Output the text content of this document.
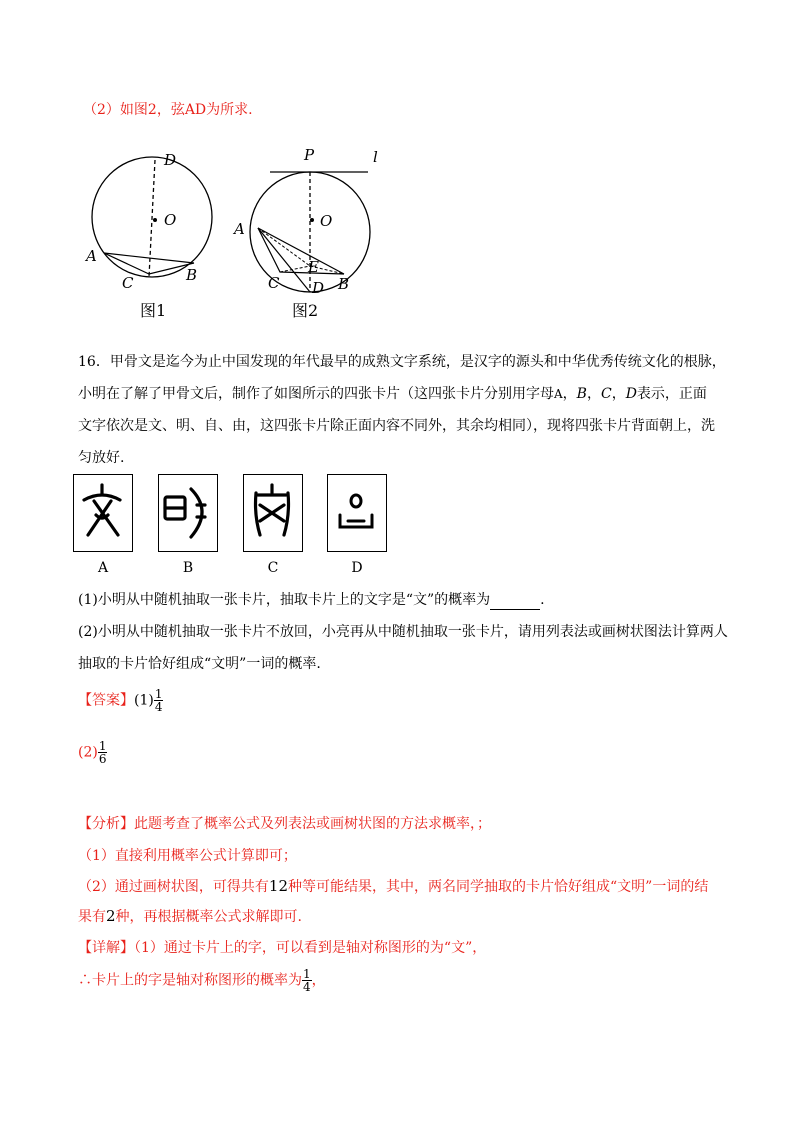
（2）如图2，弦AD为所求.
D
O
A
C	B
图1
P	l
O
A
C
E
D B
图2
16．甲骨文是迄今为止中国发现的年代最早的成熟文字系统，是汉字的源头和中华优秀传统文化的根脉，
小明在了解了甲骨文后，制作了如图所示的四张卡片（这四张卡片分别用字母A，B，C，D表示，正面
文字依次是文、明、自、由，这四张卡片除正面内容不同外，其余均相同），现将四张卡片背面朝上，洗
匀放好.
A	B	C	D
(1)小明从中随机抽取一张卡片，抽取卡片上的文字是“文”的概率为	.
(2)小明从中随机抽取一张卡片不放回，小亮再从中随机抽取一张卡片，请用列表法或画树状图法计算两人
抽取的卡片恰好组成“文明”一词的概率.
【答案】$(1) \frac{1}{4}$
$(2) \frac{1}{6}$
【分析】此题考查了概率公式及列表法或画树状图的方法求概率，；
（1）直接利用概率公式计算即可；
（2）通过画树状图，可得共有12种等可能结果，其中，两名同学抽取的卡片恰好组成“文明”一词的结
果有2种，再根据概率公式求解即可.
【详解】（1）通过卡片上的字，可以看到是轴对称图形的为“文”，
∴卡片上的字是轴对称图形的概率为 $\frac{1}{4}$ ，
